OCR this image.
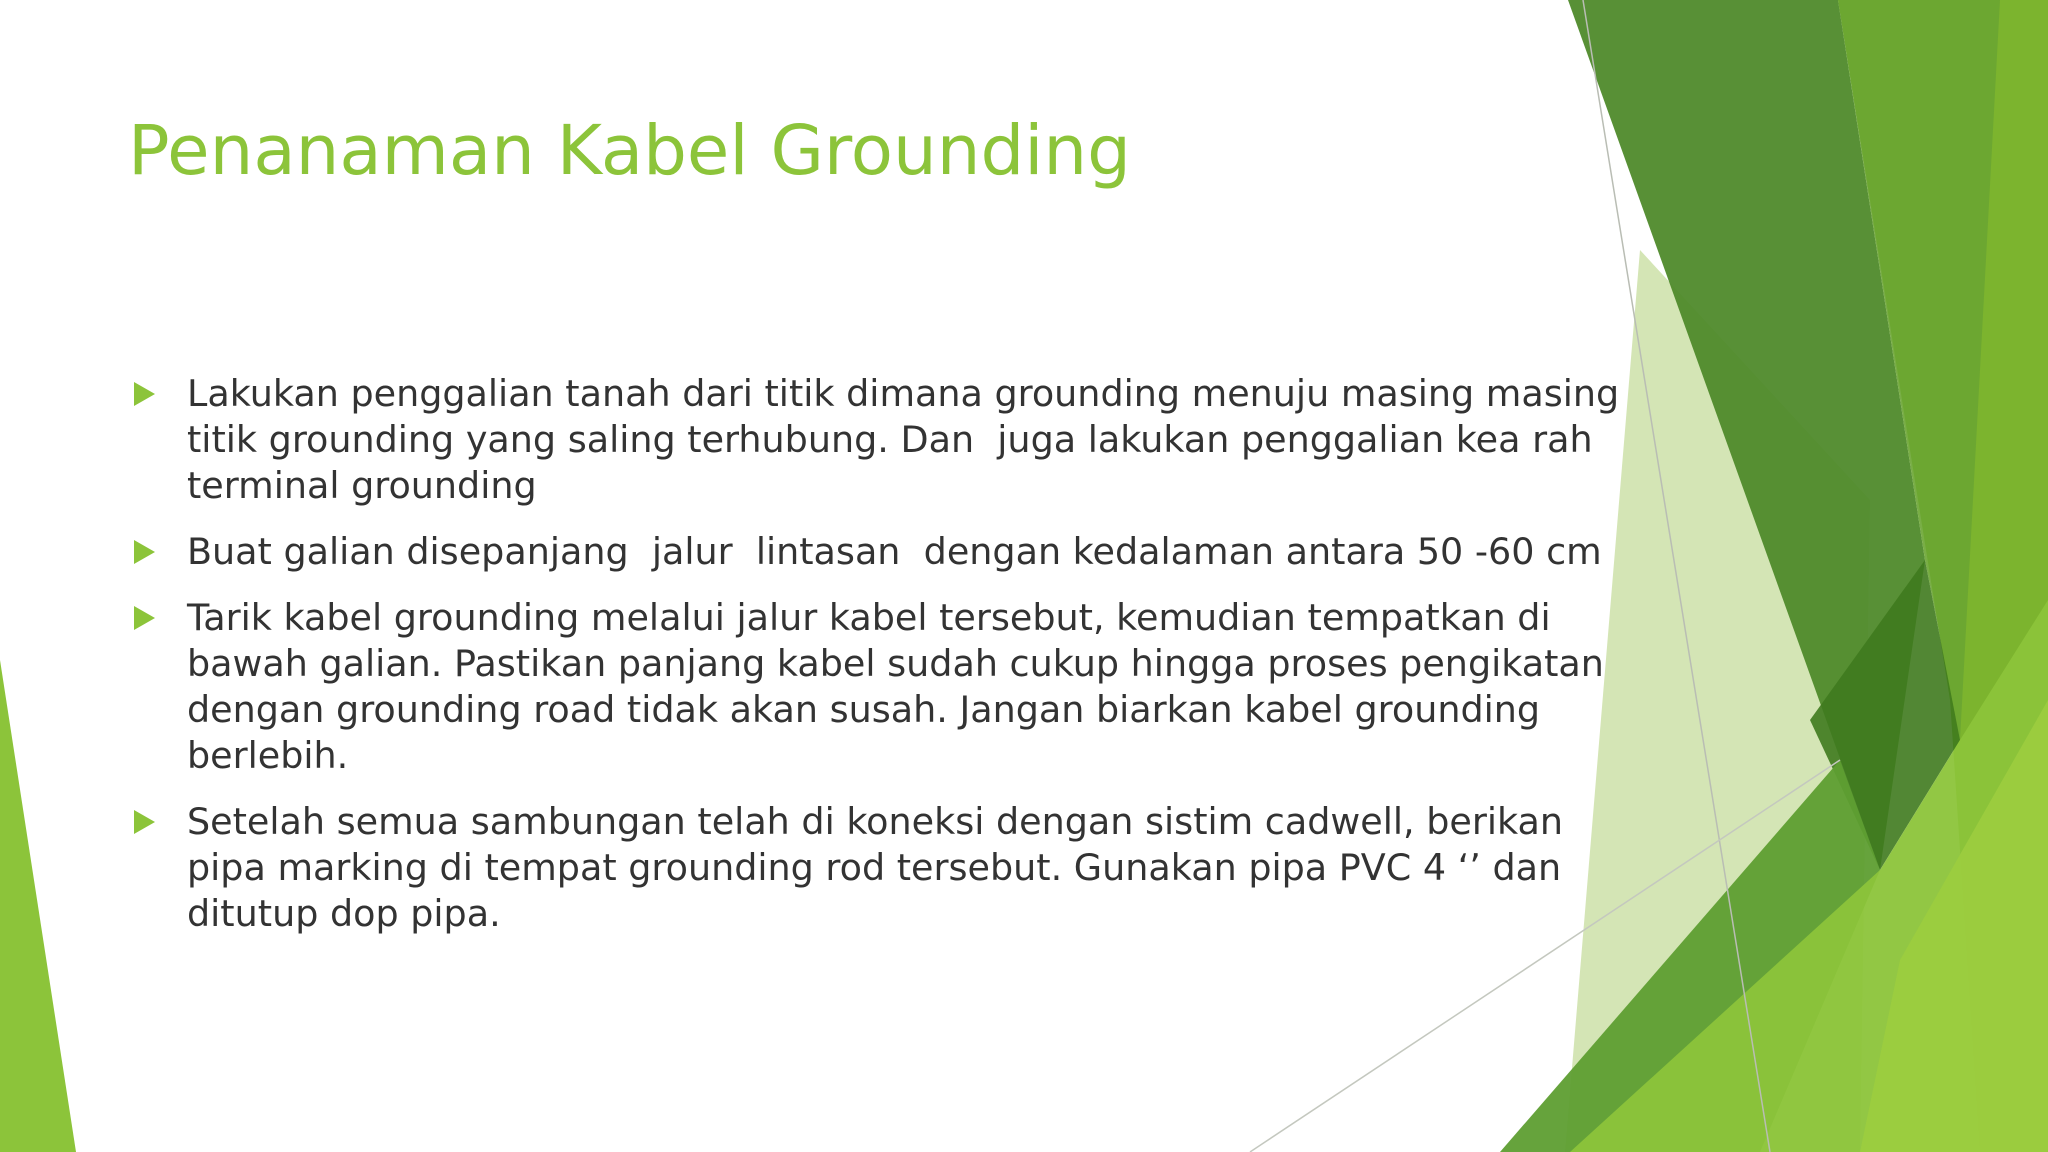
Penanaman Kabel Grounding
Lakukan penggalian tanah dari titik dimana grounding menuju masing masing
titik grounding yang saling terhubung. Dan  juga lakukan penggalian kea rah
terminal grounding
Buat galian disepanjang  jalur  lintasan  dengan kedalaman antara 50 -60 cm
Tarik kabel grounding melalui jalur kabel tersebut, kemudian tempatkan di
bawah galian. Pastikan panjang kabel sudah cukup hingga proses pengikatan
dengan grounding road tidak akan susah. Jangan biarkan kabel grounding
berlebih.
Setelah semua sambungan telah di koneksi dengan sistim cadwell, berikan
pipa marking di tempat grounding rod tersebut. Gunakan pipa PVC 4 ‘’ dan
ditutup dop pipa.
